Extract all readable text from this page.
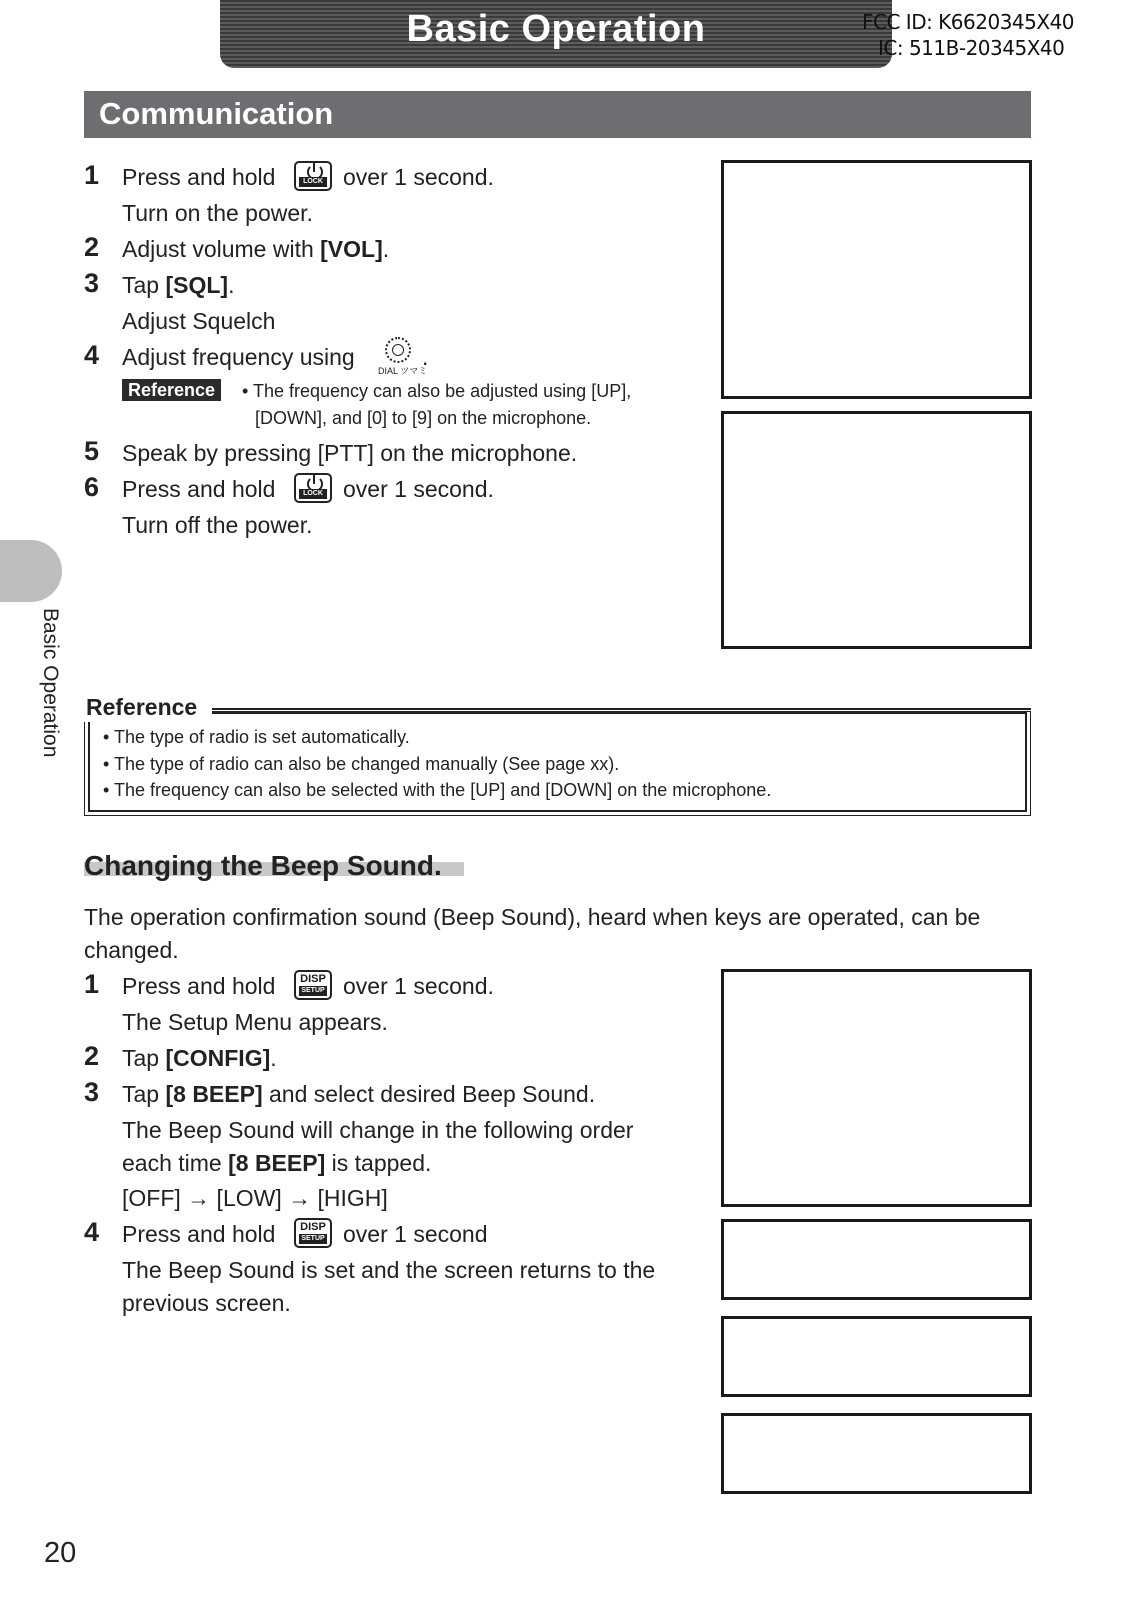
Basic Operation	FCC ID: K6620345X40
IC: 511B-20345X40
Basic Operation
Communication
1 Press and hold	LOCK over 1 second.
Turn on the power.
2 Adjust volume with [VOL].
3 Tap [SQL].
Adjust Squelch
4 Adjust frequency using
DIAL ツマミ
.
Reference	• The frequency can also be adjusted using [UP],
[DOWN], and [0] to [9] on the microphone.
5 Speak by pressing [PTT] on the microphone.
6 Press and hold	LOCK over 1 second.
Turn off the power.
Reference
• The type of radio is set automatically.
• The type of radio can also be changed manually (See page xx).
• The frequency can also be selected with the [UP] and [DOWN] on the microphone.
Changing the Beep Sound.
The operation confirmation sound (Beep Sound), heard when keys are operated, can be
changed.
1 Press and hold	DISP
SETUP over 1 second.
The Setup Menu appears.
2 Tap [CONFIG].
3 Tap [8 BEEP] and select desired Beep Sound.
The Beep Sound will change in the following order
each time [8 BEEP] is tapped.
[OFF] → [LOW] → [HIGH]
4 Press and hold	DISP
SETUP over 1 second
The Beep Sound is set and the screen returns to the
previous screen.
20
